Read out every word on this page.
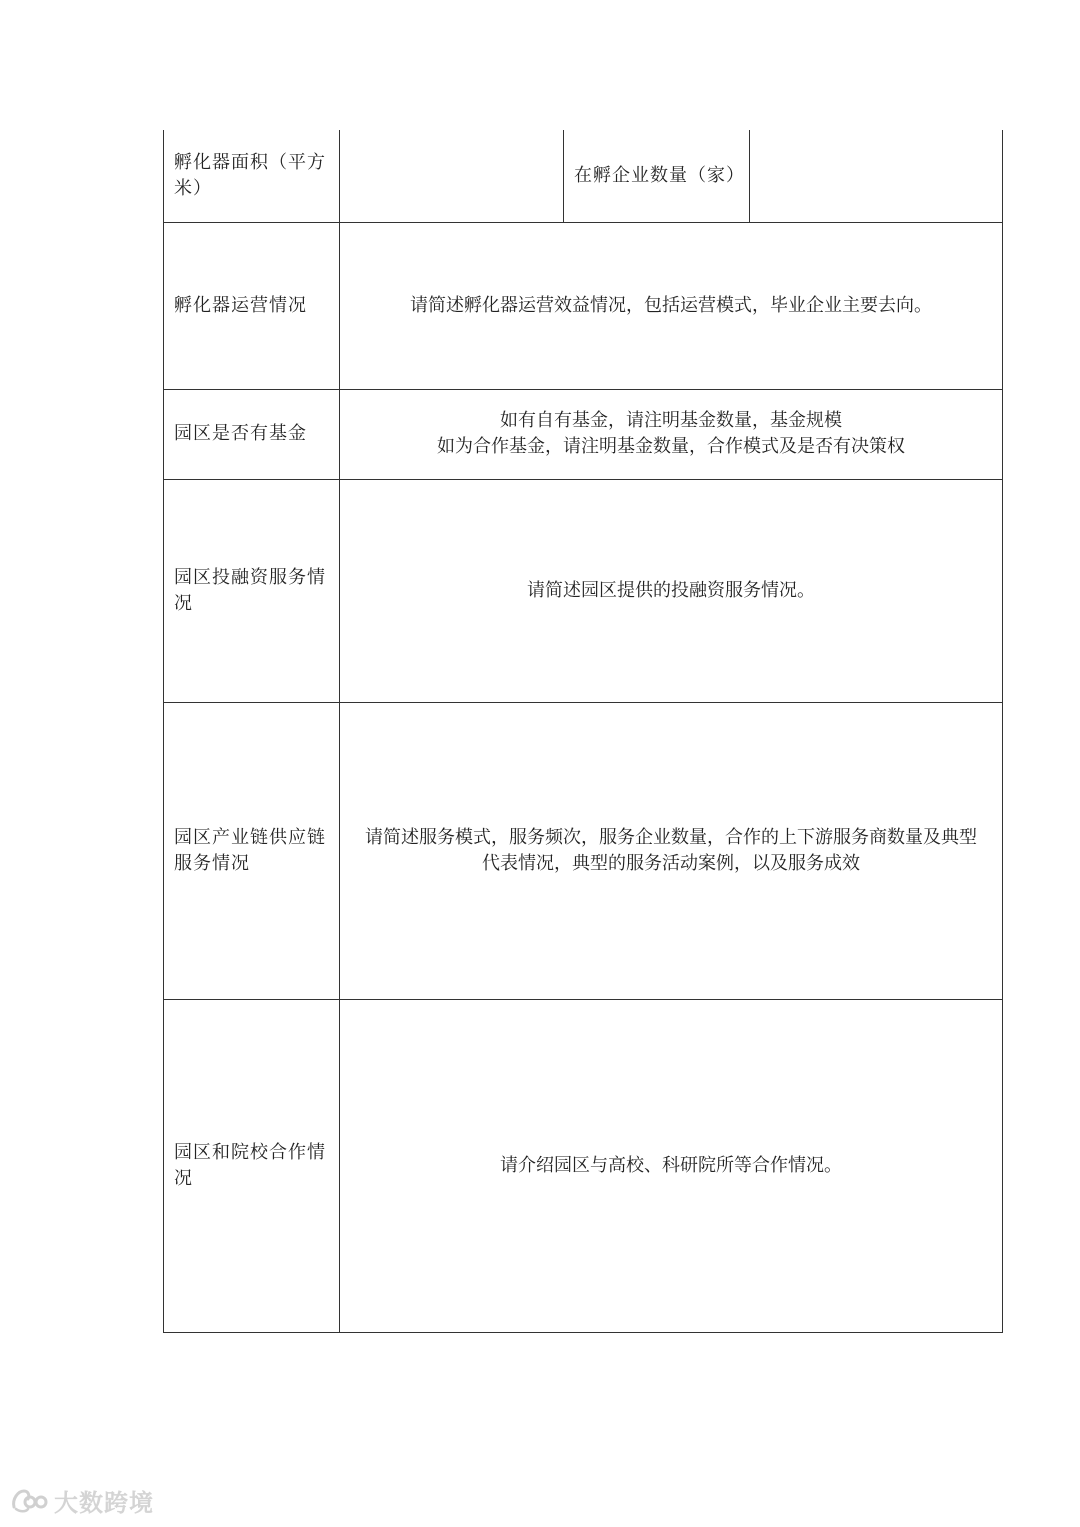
孵化器面积（平方米）		在孵企业数量（家）	
孵化器运营情况	请简述孵化器运营效益情况，包括运营模式，毕业企业主要去向。		

园区是否有基金	如有自有基金，请注明基金数量，基金规模
如为合作基金，请注明基金数量，合作模式及是否有决策权		

园区投融资服务情况	请简述园区提供的投融资服务情况。		

园区产业链供应链服务情况	请简述服务模式，服务频次，服务企业数量，合作的上下游服务商数量及典型
代表情况，典型的服务活动案例，以及服务成效		

园区和院校合作情况	请介绍园区与高校、科研院所等合作情况。		
大数跨境
